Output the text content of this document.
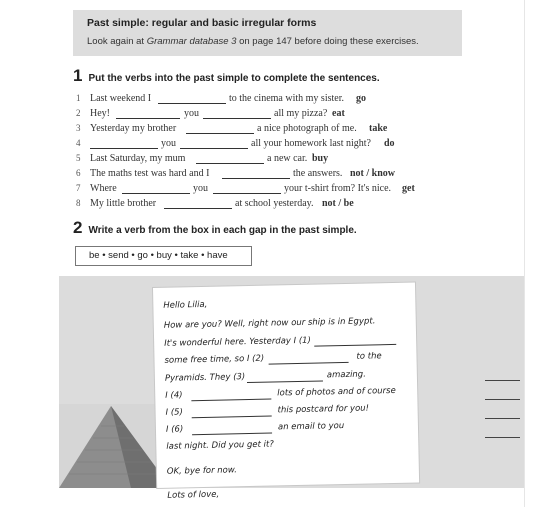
Past simple: regular and basic irregular forms
Look again at Grammar database 3 on page 147 before doing these exercises.
1 Put the verbs into the past simple to complete the sentences.
1 Last weekend I	to the cinema with my sister. go
2 Hey!	you	all my pizza? eat
3 Yesterday my brother	a nice photograph of me. take
4	you	all your homework last night? do
5 Last Saturday, my mum	a new car. buy
6 The maths test was hard and I	the answers. not / know
7 Where	you	your t-shirt from? It's nice. get
8 My little brother	at school yesterday. not / be
2 Write a verb from the box in each gap in the past simple.
be • send • go • buy • take • have
Hello Lilia,
How are you? Well, right now our ship is in Egypt.
It's wonderful here. Yesterday I (1)
some free time, so I (2)	to the
Pyramids. They (3)	amazing.
I (4)	lots of photos and of course
I (5)	this postcard for you!
I (6)	an email to you
last night. Did you get it?
OK, bye for now.
Lots of love,
